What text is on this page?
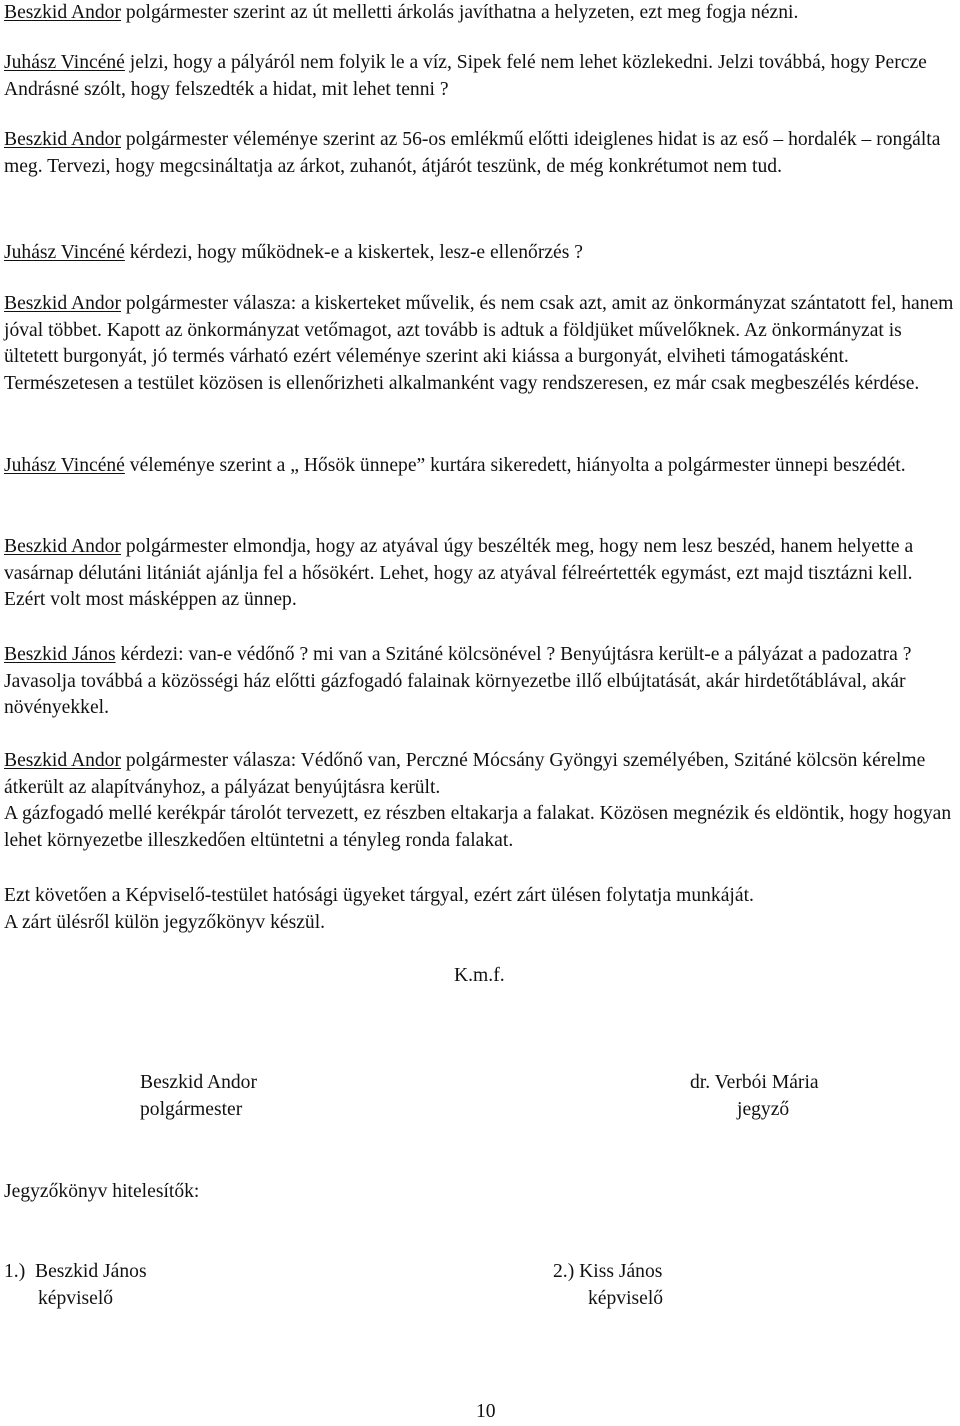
Beszkid Andor polgármester szerint az út melletti árkolás javíthatna a helyzeten, ezt meg fogja nézni.

Juhász Vincéné jelzi, hogy a pályáról nem folyik le a víz, Sipek felé nem lehet közlekedni. Jelzi továbbá, hogy Percze Andrásné szólt, hogy felszedték a hidat, mit lehet tenni ?

Beszkid Andor polgármester véleménye szerint az 56-os emlékmű előtti ideiglenes hidat is az eső – hordalék – rongálta meg. Tervezi, hogy megcsináltatja az árkot, zuhanót, átjárót teszünk, de még konkrétumot nem tud.

Juhász Vincéné kérdezi, hogy működnek-e a kiskertek, lesz-e ellenőrzés ?

Beszkid Andor polgármester válasza: a kiskerteket művelik, és nem csak azt, amit az önkormányzat szántatott fel, hanem jóval többet. Kapott az önkormányzat vetőmagot, azt tovább is adtuk a földjüket művelőknek. Az önkormányzat is ültetett burgonyát, jó termés várható ezért véleménye szerint aki kiássa a burgonyát, elviheti támogatásként. Természetesen a testület közösen is ellenőrizheti alkalmanként vagy rendszeresen, ez már csak megbeszélés kérdése.

Juhász Vincéné véleménye szerint a „ Hősök ünnepe” kurtára sikeredett, hiányolta a polgármester ünnepi beszédét.

Beszkid Andor polgármester elmondja, hogy az atyával úgy beszélték meg, hogy nem lesz beszéd, hanem helyette a vasárnap délutáni litániát ajánlja fel a hősökért. Lehet, hogy az atyával félreértették egymást, ezt majd tisztázni kell. Ezért volt most másképpen az ünnep.

Beszkid János kérdezi: van-e védőnő ? mi van a Szitáné kölcsönével ? Benyújtásra került-e a pályázat a padozatra ? Javasolja továbbá a közösségi ház előtti gázfogadó falainak környezetbe illő elbújtatását, akár hirdetőtáblával, akár növényekkel.

Beszkid Andor polgármester válasza: Védőnő van, Perczné Mócsány Gyöngyi személyében, Szitáné kölcsön kérelme átkerült az alapítványhoz, a pályázat benyújtásra került.
A gázfogadó mellé kerékpár tárolót tervezett, ez részben eltakarja a falakat. Közösen megnézik és eldöntik, hogy hogyan lehet környezetbe illeszkedően eltüntetni a tényleg ronda falakat.

Ezt követően a Képviselő-testület hatósági ügyeket tárgyal, ezért zárt ülésen folytatja munkáját.
A zárt ülésről külön jegyzőkönyv készül.

K.m.f.
Beszkid Andor
polgármester
dr. Verbói Mária
jegyző
Jegyzőkönyv hitelesítők:
1.)  Beszkid János
képviselő
2.) Kiss János
képviselő
10
